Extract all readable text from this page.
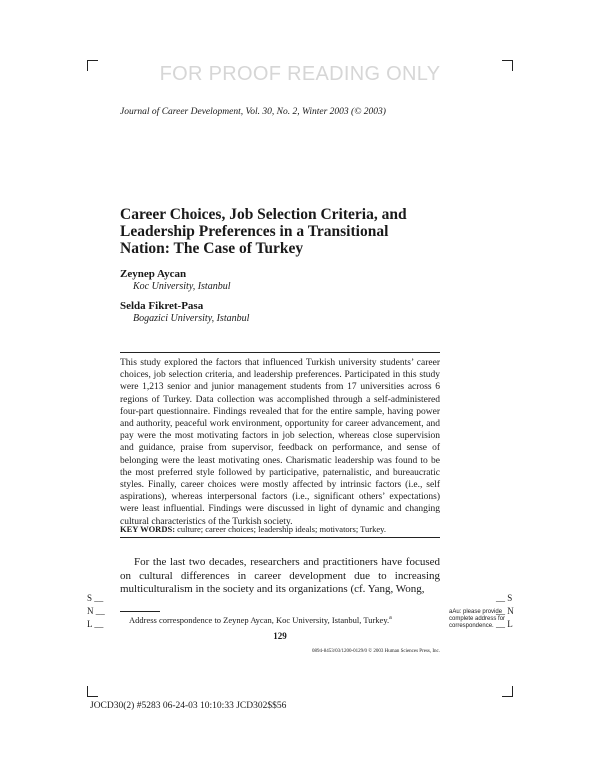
FOR PROOF READING ONLY
Journal of Career Development, Vol. 30, No. 2, Winter 2003 (© 2003)
Career Choices, Job Selection Criteria, and
Leadership Preferences in a Transitional
Nation: The Case of Turkey
Zeynep Aycan
Koc University, Istanbul
Selda Fikret-Pasa
Bogazici University, Istanbul

This study explored the factors that influenced Turkish university students’ career choices, job selection criteria, and leadership preferences. Participated in this study were 1,213 senior and junior management students from 17 universities across 6 regions of Turkey. Data collection was accomplished through a self-administered four-part questionnaire. Findings revealed that for the entire sample, having power and authority, peaceful work environment, opportunity for career advancement, and pay were the most motivating factors in job selection, whereas close supervision and guidance, praise from supervisor, feedback on performance, and sense of belonging were the least motivating ones. Charismatic leadership was found to be the most preferred style followed by participative, paternalistic, and bureaucratic styles. Finally, career choices were mostly affected by intrinsic factors (i.e., self aspirations), whereas interpersonal factors (i.e., significant others’ expectations) were least influential. Findings were discussed in light of dynamic and changing cultural characteristics of the Turkish society.

KEY WORDS: culture; career choices; leadership ideals; motivators; Turkey.

For the last two decades, researchers and practitioners have focused on cultural differences in career development due to increasing multiculturalism in the society and its organizations (cf. Yang, Wong,

S __
N __
L __
__ S
__ N
__ L
Address correspondence to Zeynep Aycan, Koc University, Istanbul, Turkey.$^a$
aAu: please provide complete address for correspondence.
129
0894-8453/03/1200-0129/0 © 2003 Human Sciences Press, Inc.
JOCD30(2) #5283 06-24-03 10:10:33 JCD302$$56
